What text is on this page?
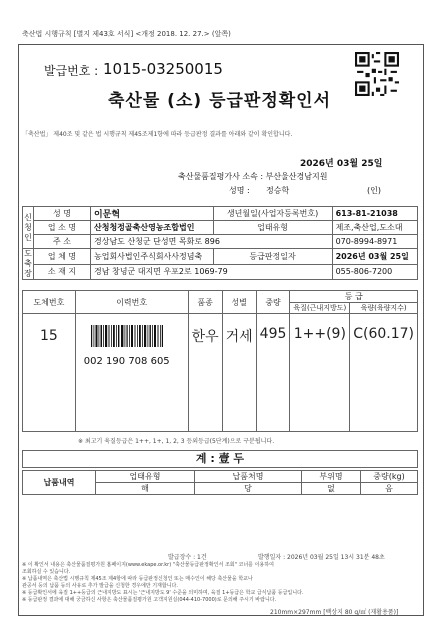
축산법 시행규칙 [별지 제43호 서식] <개정 2018. 12. 27.> (앞쪽)
발급번호 : 1015-03250015
축산물 (소) 등급판정확인서
「축산법」 제40조 및 같은 법 시행규칙 제45조제1항에 따라 등급판정 결과를 아래와 같이 확인합니다.
2026년 03월 25일
축산물품질평가사 소속 : 부산울산경남지원
성명 : 정승학	(인)
신청인	성 명	이문혁	생년월일(사업자등록번호)	613-81-21038
	업 소 명	산청청정골축산영농조합법인	업태유형	제조,축산업,도소대
	주 소	경상남도 산청군 단성면 목화로 896		070-8994-8971
도축장	업 체 명	농업회사법인주식회사사정념축	등급판정일자	2026년 03월 25일
	소 재 지	경남 창녕군 대지면 우포2로 1069-79		055-806-7200
도체번호	이력번호	품종	성별	중량	등 급	
					육질(근내지방도)	육량(육량지수)
15	002 190 708 605	한우	거세	495	1++(9)	C(60.17)
※ 최고기 육질등급은 1++, 1+, 1, 2, 3 등외등급(5단계)으로 구분됩니다.
계 : 壹 두
납품내역	업태유형	납품처명	부위명	중량(kg)
	해	당	없	음
발급장수 : 1건	발행일자 : 2026년 03월 25일 13시 31분 48초
※ 이 확인서 내용은 축산물품질평가원 홈페이지(www.ekape.or.kr) "축산물등급판정확인서 조회" 코너를 이용하여
조회하실 수 있습니다.
※ 납품내역은 축산법 시행규칙 제45조 제4항에 따라 등급판정신청인 또는 매수인이 해당 축산물을 학교나
관공서 등의 납품 등의 사유로 추가 발급을 신청한 경우에만 기재합니다.
※ 등급확인서에 육질 1++등급의 근내지방도 표시는 '근내지방도 9' 수준을 의미하며, 육질 1+등급은 학교 급식납품 등급입니다.
※ 등급판정 결과에 대해 궁금하신 사항은 축산물품질평가원 고객지원실(044-410-7000)로 문의해 주시기 바랍니다.
210mm×297mm [백상지 80 g/㎡ (재활용품)]
